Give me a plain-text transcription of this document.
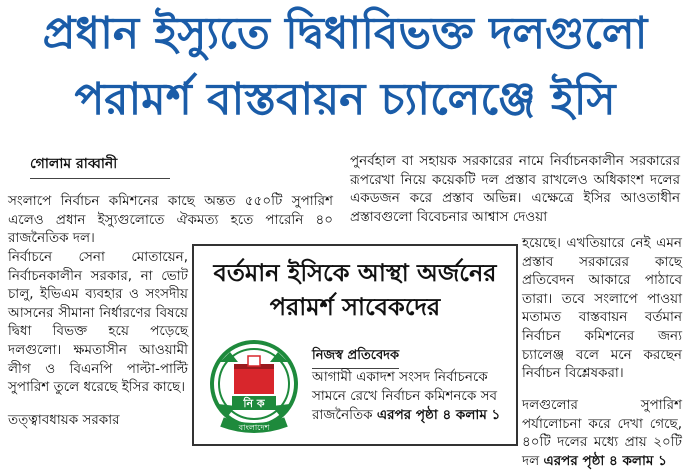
প্রধান ইস্যুতে দ্বিধাবিভক্ত দলগুলো
পরামর্শ বাস্তবায়ন চ্যালেঞ্জে ইসি
গোলাম রাব্বানী
সংলাপে নির্বাচন কমিশনের কাছে অন্তত ৫৫০টি সুপারিশ এলেও প্রধান ইস্যুগুলোতে ঐকমত্য হতে পারেনি ৪০ রাজনৈতিক দল।
নির্বাচনে সেনা মোতায়েন, নির্বাচনকালীন সরকার, না ভোট চালু, ইভিএম ব্যবহার ও সংসদীয় আসনের সীমানা নির্ধারণের বিষয়ে দ্বিধা বিভক্ত হয়ে পড়েছে দলগুলো। ক্ষমতাসীন আওয়ামী লীগ ও বিএনপি পাল্টা-পাল্টি সুপারিশ তুলে ধরেছে ইসির কাছে।
তত্ত্বাবধায়ক সরকার
পুনর্বহাল বা সহায়ক সরকারের নামে নির্বাচনকালীন সরকারের রূপরেখা নিয়ে কয়েকটি দল প্রস্তাব রাখলেও অধিকাংশ দলের একডজন করে প্রস্তাব অভিন্ন। এক্ষেত্রে ইসির আওতাধীন প্রস্তাবগুলো বিবেচনার আশ্বাস দেওয়া
হয়েছে। এখতিয়ারে নেই এমন প্রস্তাব সরকারের কাছে প্রতিবেদন আকারে পাঠাবে তারা। তবে সংলাপে পাওয়া মতামত বাস্তবায়ন বর্তমান নির্বাচন কমিশনের জন্য চ্যালেঞ্জ বলে মনে করছেন নির্বাচন বিশ্লেষকরা।
দলগুলোর সুপারিশ পর্যালোচনা করে দেখা গেছে, ৪০টি দলের মধ্যে প্রায় ২০টি দল এরপর পৃষ্ঠা ৪ কলাম ১
বর্তমান ইসিকে আস্থা অর্জনের পরামর্শ সাবেকদের
নি ক
বাংলাদেশ
নিজস্ব প্রতিবেদক
আগামী একাদশ সংসদ নির্বাচনকে সামনে রেখে নির্বাচন কমিশনকে সব রাজনৈতিক এরপর পৃষ্ঠা ৪ কলাম ১
